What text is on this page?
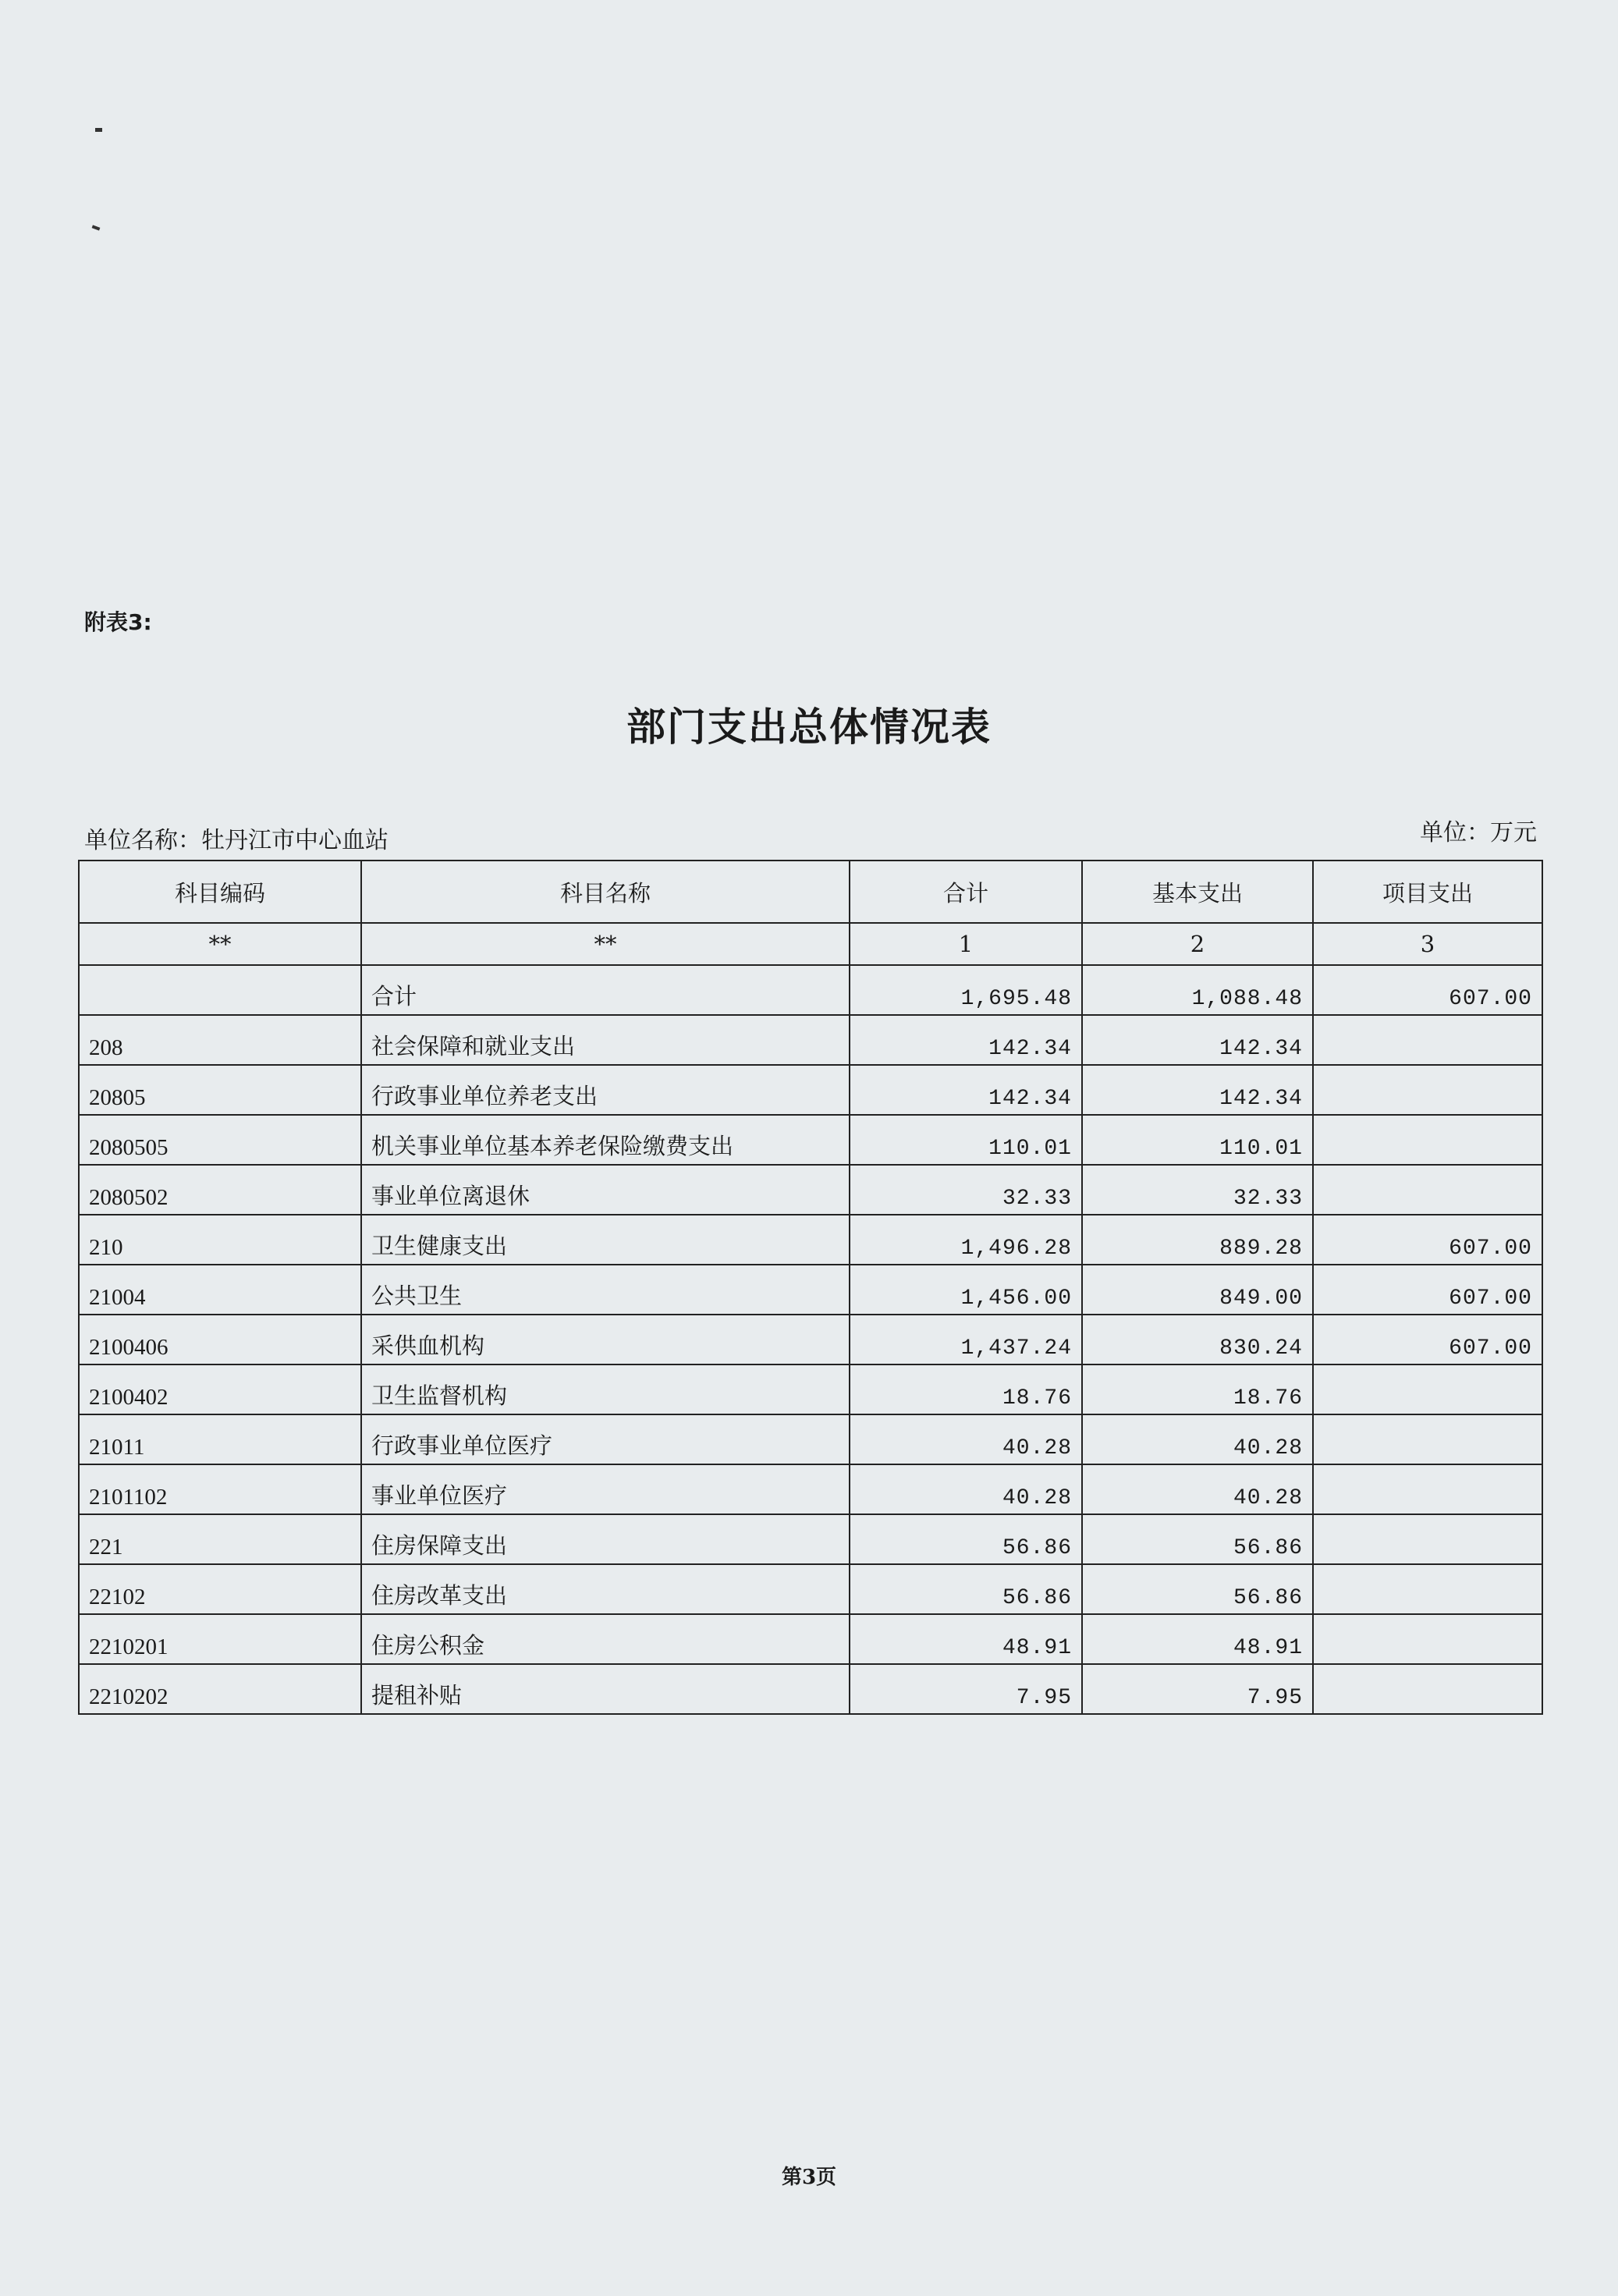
附表3:
部门支出总体情况表
单位名称：牡丹江市中心血站	单位：万元
科目编码	科目名称	合计	基本支出	项目支出
**	**	1	2	3
	合计	1,695.48	1,088.48	607.00
208	社会保障和就业支出	142.34	142.34	
20805	行政事业单位养老支出	142.34	142.34	
2080505	机关事业单位基本养老保险缴费支出	110.01	110.01	
2080502	事业单位离退休	32.33	32.33	
210	卫生健康支出	1,496.28	889.28	607.00
21004	公共卫生	1,456.00	849.00	607.00
2100406	采供血机构	1,437.24	830.24	607.00
2100402	卫生监督机构	18.76	18.76	
21011	行政事业单位医疗	40.28	40.28	
2101102	事业单位医疗	40.28	40.28	
221	住房保障支出	56.86	56.86	
22102	住房改革支出	56.86	56.86	
2210201	住房公积金	48.91	48.91	
2210202	提租补贴	7.95	7.95	
第3页
